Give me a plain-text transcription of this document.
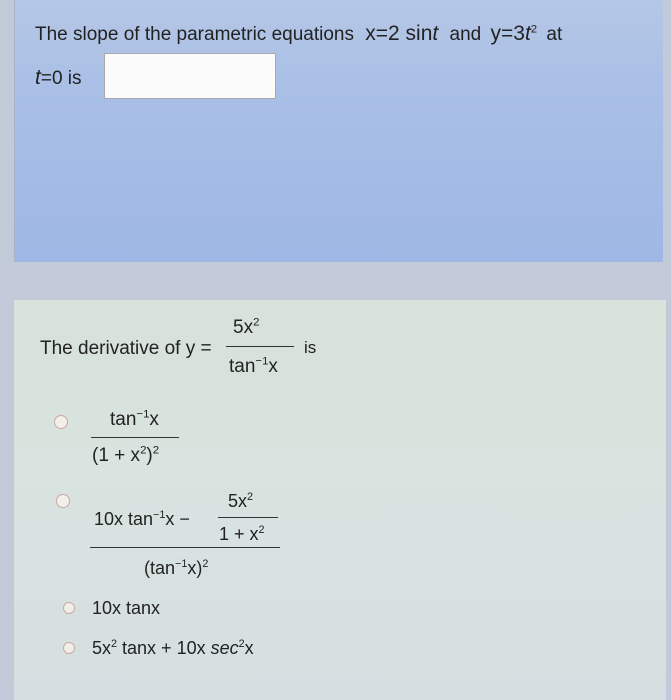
The slope of the parametric equations x=2 sint and $y=3t^2$ at
t=0 is
The derivative of y =
$5x^2$
$\tan^{-1}x$
is
$\tan^{-1}x$
$(1 + x^2)^2$
10x $\tan^{-1}x$ −
$5x^2$
$1 + x^2$
$(\tan^{-1}x)^2$
10x tanx
$5x^2$ tanx + 10x $\sec^2x$
